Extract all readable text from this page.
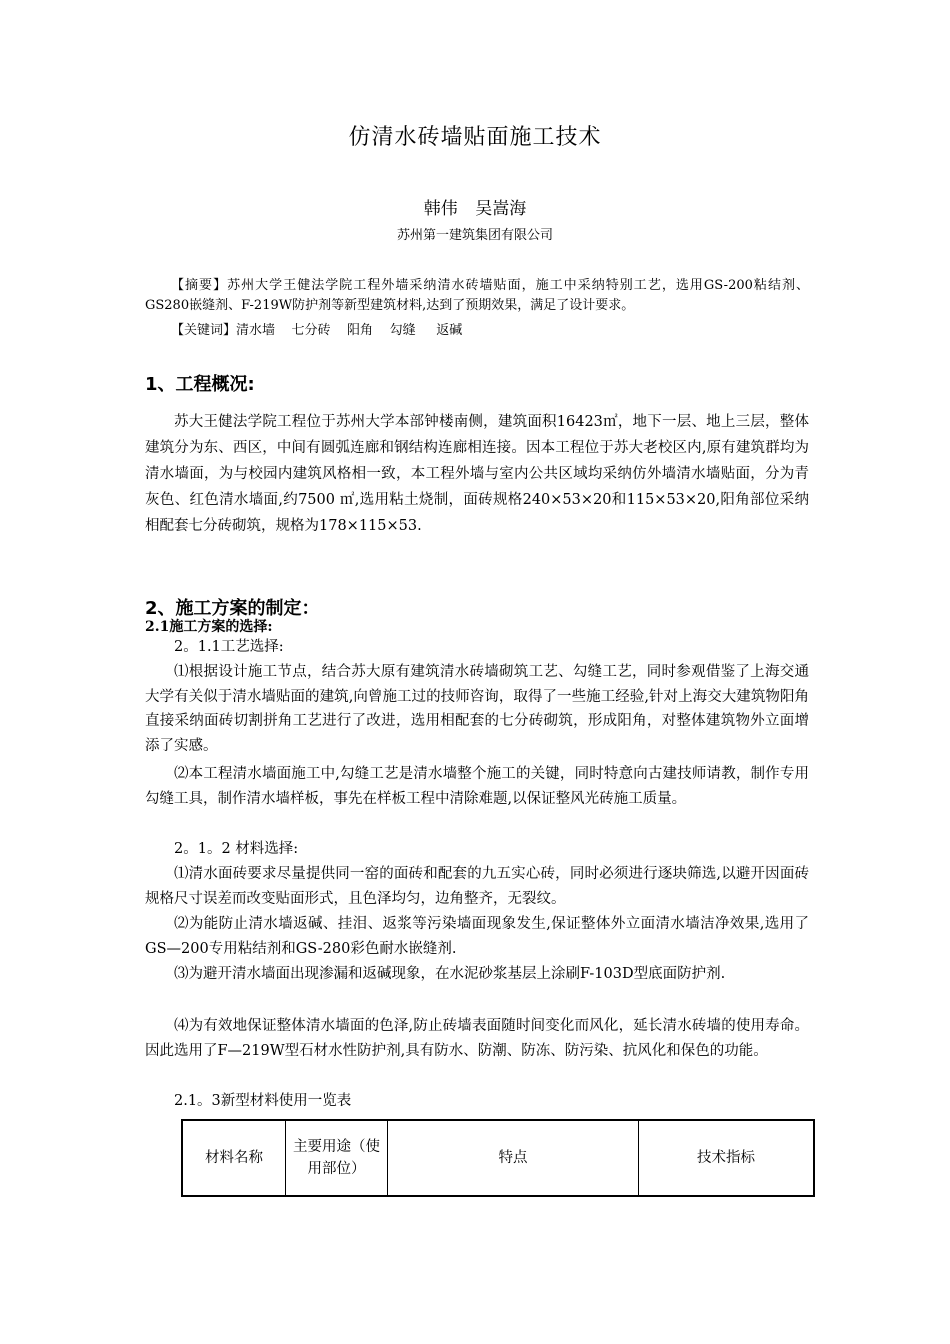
仿清水砖墙贴面施工技术
韩伟 吴嵩海
苏州第一建筑集团有限公司
【摘要】苏州大学王健法学院工程外墙采纳清水砖墙贴面，施工中采纳特别工艺，选用GS-200粘结剂、GS280嵌缝剂、F-219W防护剂等新型建筑材料,达到了预期效果，满足了设计要求。
【关键词】清水墙    七分砖    阳角    勾缝     返碱
1、工程概况:
苏大王健法学院工程位于苏州大学本部钟楼南侧，建筑面积16423㎡，地下一层、地上三层，整体建筑分为东、西区，中间有圆弧连廊和钢结构连廊相连接。因本工程位于苏大老校区内,原有建筑群均为清水墙面，为与校园内建筑风格相一致，本工程外墙与室内公共区域均采纳仿外墙清水墙贴面，分为青灰色、红色清水墙面,约7500 ㎡,选用粘土烧制，面砖规格240×53×20和115×53×20,阳角部位采纳相配套七分砖砌筑，规格为178×115×53.
2、施工方案的制定：
2.1施工方案的选择:
2。1.1工艺选择:
⑴根据设计施工节点，结合苏大原有建筑清水砖墙砌筑工艺、勾缝工艺，同时参观借鉴了上海交通大学有关似于清水墙贴面的建筑,向曾施工过的技师咨询，取得了一些施工经验,针对上海交大建筑物阳角直接采纳面砖切割拼角工艺进行了改进，选用相配套的七分砖砌筑，形成阳角，对整体建筑物外立面增添了实感。
⑵本工程清水墙面施工中,勾缝工艺是清水墙整个施工的关键，同时特意向古建技师请教，制作专用勾缝工具，制作清水墙样板，事先在样板工程中清除难题,以保证整风光砖施工质量。
2。1。2 材料选择:
⑴清水面砖要求尽量提供同一窑的面砖和配套的九五实心砖，同时必须进行逐块筛选,以避开因面砖规格尺寸误差而改变贴面形式，且色泽均匀，边角整齐，无裂纹。
⑵为能防止清水墙返碱、挂泪、返浆等污染墙面现象发生,保证整体外立面清水墙洁净效果,选用了GS—200专用粘结剂和GS-280彩色耐水嵌缝剂.
⑶为避开清水墙面出现渗漏和返碱现象，在水泥砂浆基层上涂刷F-103D型底面防护剂.
⑷为有效地保证整体清水墙面的色泽,防止砖墙表面随时间变化而风化，延长清水砖墙的使用寿命。因此选用了F—219W型石材水性防护剂,具有防水、防潮、防冻、防污染、抗风化和保色的功能。
2.1。3新型材料使用一览表
材料名称	主要用途（使用部位）	特点	技术指标
